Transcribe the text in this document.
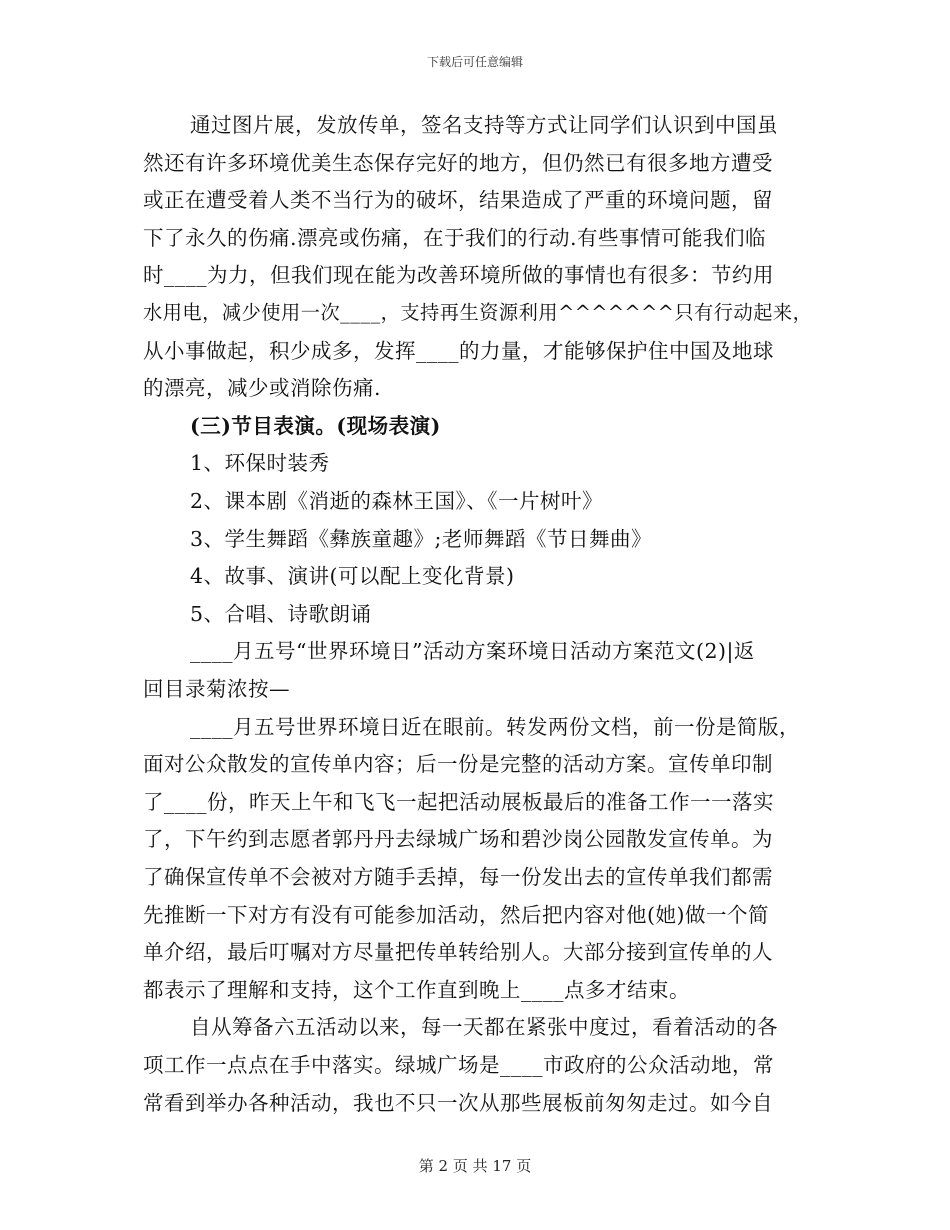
下载后可任意编辑
通过图片展，发放传单，签名支持等方式让同学们认识到中国虽
然还有许多环境优美生态保存完好的地方，但仍然已有很多地方遭受
或正在遭受着人类不当行为的破坏，结果造成了严重的环境问题，留
下了永久的伤痛.漂亮或伤痛，在于我们的行动.有些事情可能我们临
时____为力，但我们现在能为改善环境所做的事情也有很多：节约用
水用电，减少使用一次____，支持再生资源利用^^^^^^^只有行动起来，
从小事做起，积少成多，发挥____的力量，才能够保护住中国及地球
的漂亮，减少或消除伤痛.
(三)节目表演。(现场表演)
1、环保时装秀
2、课本剧《消逝的森林王国》、《一片树叶》
3、学生舞蹈《彝族童趣》;老师舞蹈《节日舞曲》
4、故事、演讲(可以配上变化背景)
5、合唱、诗歌朗诵
____月五号“世界环境日”活动方案环境日活动方案范文(2)|返
回目录菊浓按—
____月五号世界环境日近在眼前。转发两份文档，前一份是简版，
面对公众散发的宣传单内容；后一份是完整的活动方案。宣传单印制
了____份，昨天上午和飞飞一起把活动展板最后的准备工作一一落实
了，下午约到志愿者郭丹丹去绿城广场和碧沙岗公园散发宣传单。为
了确保宣传单不会被对方随手丢掉，每一份发出去的宣传单我们都需
先推断一下对方有没有可能参加活动，然后把内容对他(她)做一个简
单介绍，最后叮嘱对方尽量把传单转给别人。大部分接到宣传单的人
都表示了理解和支持，这个工作直到晚上____点多才结束。
自从筹备六五活动以来，每一天都在紧张中度过，看着活动的各
项工作一点点在手中落实。绿城广场是____市政府的公众活动地，常
常看到举办各种活动，我也不只一次从那些展板前匆匆走过。如今自
第 2 页 共 17 页
